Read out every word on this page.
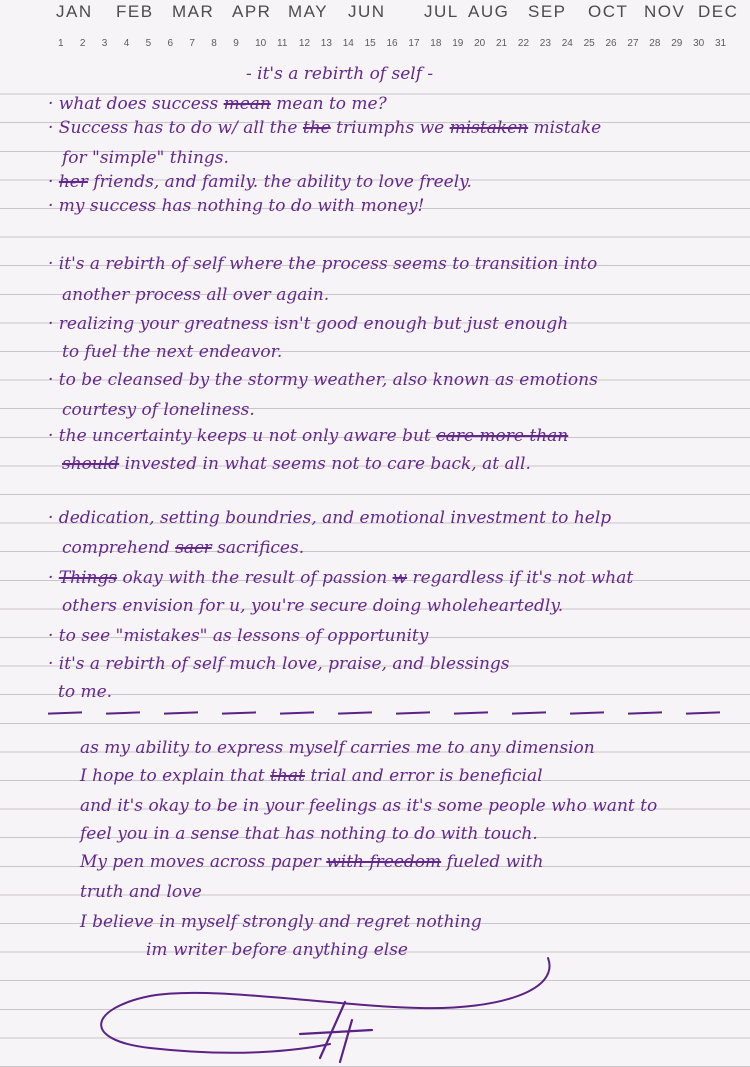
JAN FEB MAR APR MAY JUN JUL AUG SEP OCT NOV DEC
1 2 3 4 5 6 7 8 9 10 11 12 13 14 15 16 17 18 19 20 21 22 23 24 25 26 27 28 29 30 31
- it's a rebirth of self -
· what does success mean mean to me?
· Success has to do w/ all the the triumphs we mistaken mistake
for "simple" things.
· her friends, and family. the ability to love freely.
· my success has nothing to do with money!
· it's a rebirth of self where the process seems to transition into
another process all over again.
· realizing your greatness isn't good enough but just enough
to fuel the next endeavor.
· to be cleansed by the stormy weather, also known as emotions
courtesy of loneliness.
· the uncertainty keeps u not only aware but care more than
should invested in what seems not to care back, at all.
· dedication, setting boundries, and emotional investment to help
comprehend sacr sacrifices.
· Things okay with the result of passion w regardless if it's not what
others envision for u, you're secure doing wholeheartedly.
· to see "mistakes" as lessons of opportunity
· it's a rebirth of self much love, praise, and blessings
to me.
as my ability to express myself carries me to any dimension
I hope to explain that that trial and error is beneficial
and it's okay to be in your feelings as it's some people who want to
feel you in a sense that has nothing to do with touch.
My pen moves across paper with freedom fueled with
truth and love
I believe in myself strongly and regret nothing
im writer before anything else
